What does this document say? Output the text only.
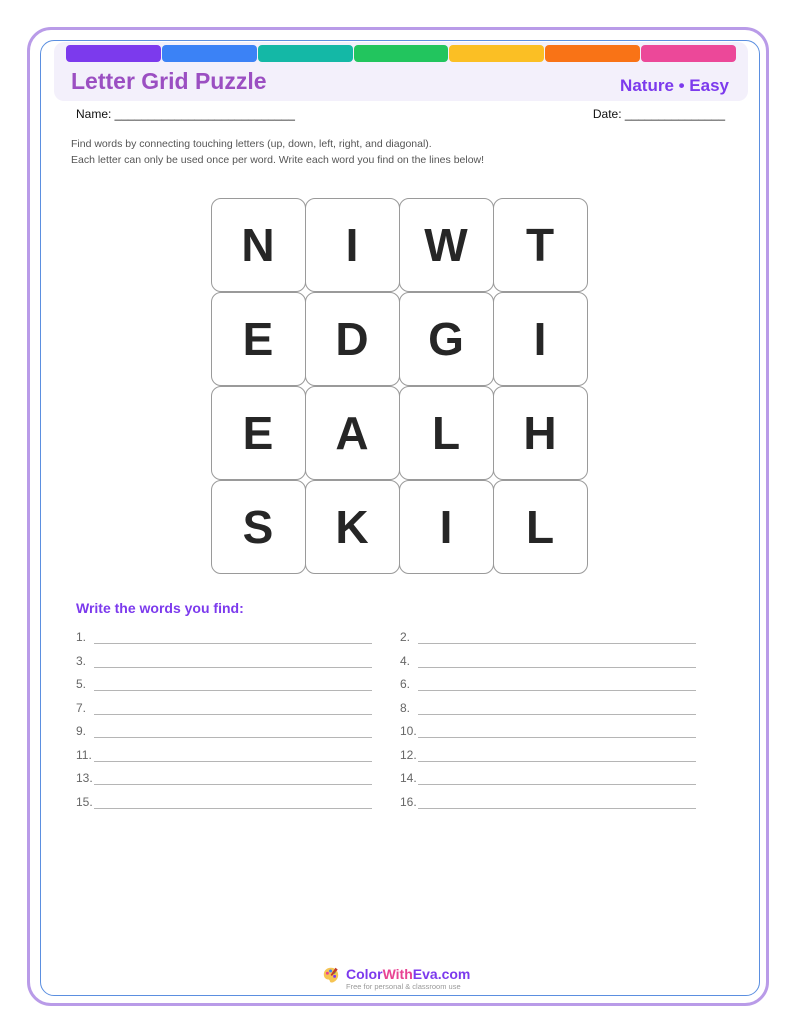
Letter Grid Puzzle	Nature • Easy
Name: ___________________________	Date: _______________
Find words by connecting touching letters (up, down, left, right, and diagonal).
Each letter can only be used once per word. Write each word you find on the lines below!
N	I	W	T
E	D	G	I
E	A	L	H
S	K	I	L
Write the words you find:
1.	2.
3.	4.
5.	6.
7.	8.
9.	10.
11.	12.
13.	14.
15.	16.
ColorWithEva.com
Free for personal & classroom use
